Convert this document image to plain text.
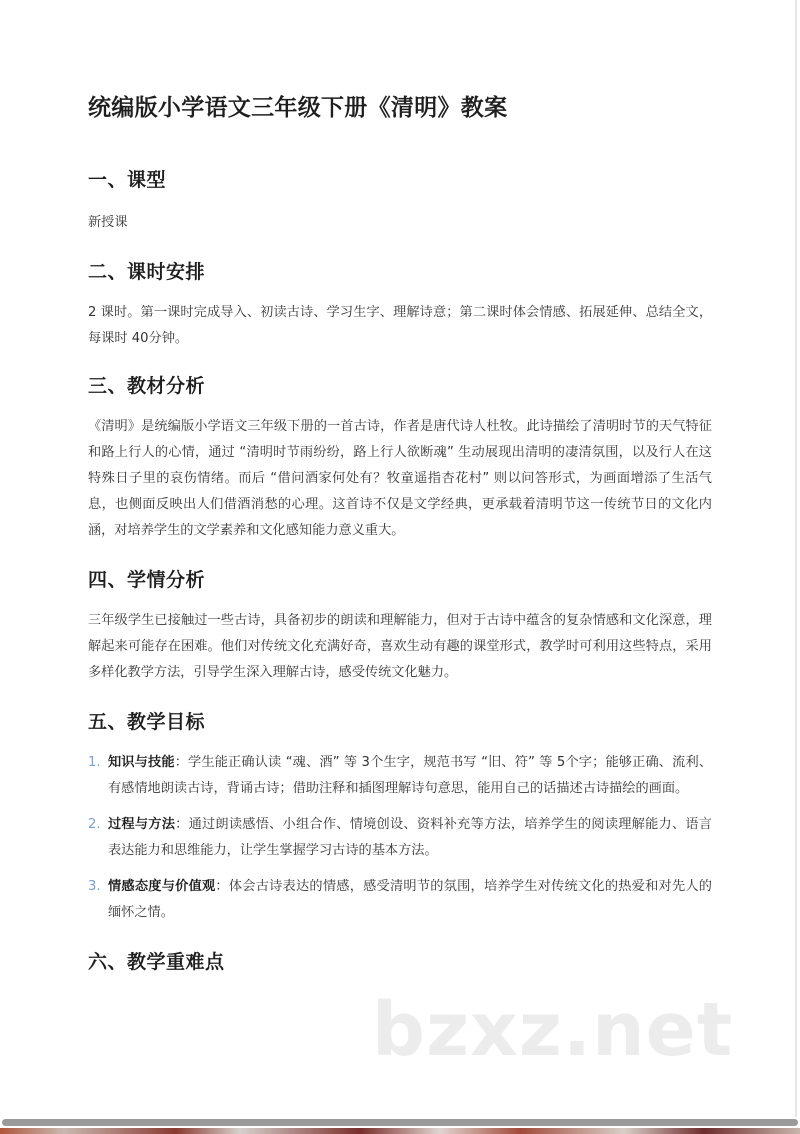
统编版小学语文三年级下册《清明》教案
一、课型

新授课

二、课时安排

2 课时。第一课时完成导入、初读古诗、学习生字、理解诗意；第二课时体会情感、拓展延伸、总结全文，每课时 40分钟。

三、教材分析

《清明》是统编版小学语文三年级下册的一首古诗，作者是唐代诗人杜牧。此诗描绘了清明时节的天气特征和路上行人的心情，通过 “清明时节雨纷纷，路上行人欲断魂” 生动展现出清明的凄清氛围，以及行人在这特殊日子里的哀伤情绪。而后 “借问酒家何处有？牧童遥指杏花村” 则以问答形式，为画面增添了生活气息，也侧面反映出人们借酒消愁的心理。这首诗不仅是文学经典，更承载着清明节这一传统节日的文化内涵，对培养学生的文学素养和文化感知能力意义重大。

四、学情分析

三年级学生已接触过一些古诗，具备初步的朗读和理解能力，但对于古诗中蕴含的复杂情感和文化深意，理解起来可能存在困难。他们对传统文化充满好奇，喜欢生动有趣的课堂形式，教学时可利用这些特点，采用多样化教学方法，引导学生深入理解古诗，感受传统文化魅力。

五、教学目标
1. 知识与技能：学生能正确认读 “魂、酒” 等 3个生字，规范书写 “旧、符” 等 5个字；能够正确、流利、有感情地朗读古诗，背诵古诗；借助注释和插图理解诗句意思，能用自己的话描述古诗描绘的画面。
2. 过程与方法：通过朗读感悟、小组合作、情境创设、资料补充等方法，培养学生的阅读理解能力、语言表达能力和思维能力，让学生掌握学习古诗的基本方法。
3. 情感态度与价值观：体会古诗表达的情感，感受清明节的氛围，培养学生对传统文化的热爱和对先人的缅怀之情。
六、教学重难点
bzxz.net
